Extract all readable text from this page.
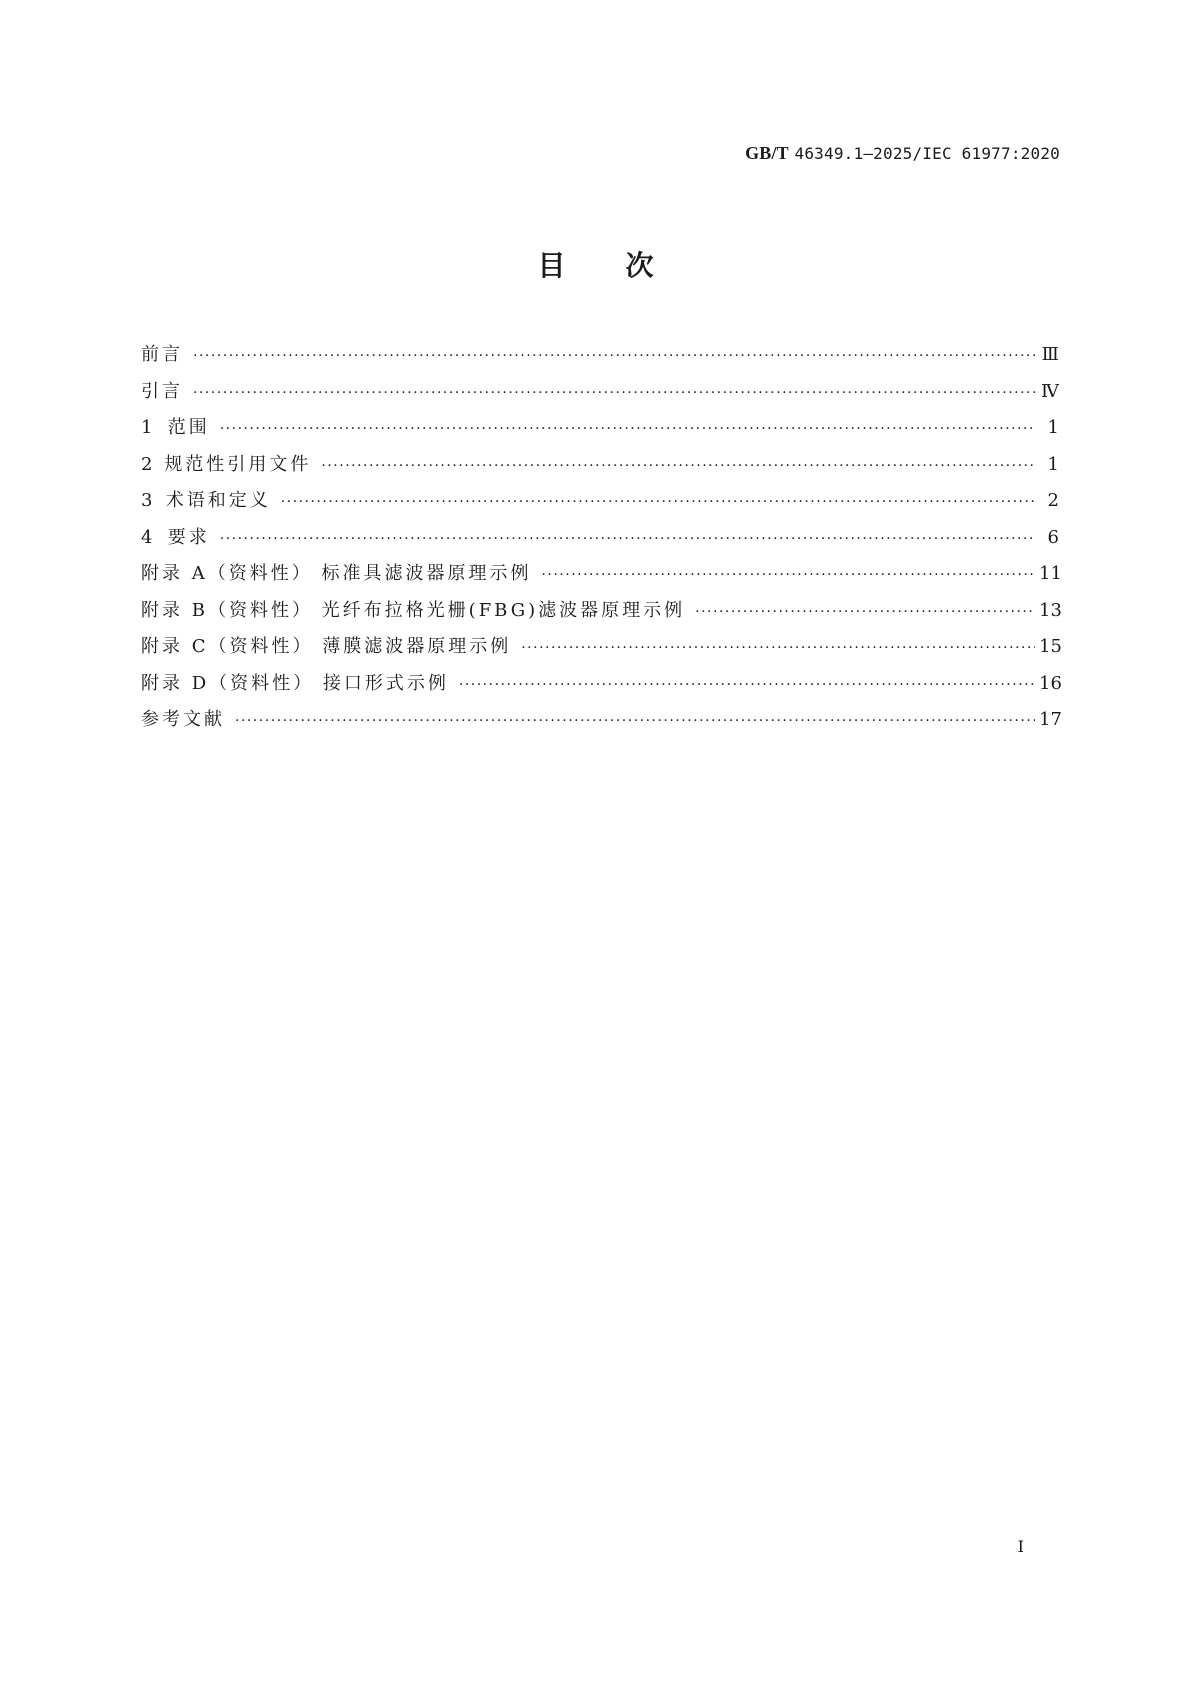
GB/T 46349.1—2025/IEC 61977:2020
目次
前言 ·····	Ⅲ
引言 ·····	Ⅳ
1 范围 ·····	1
2 规范性引用文件 ·····	1
3 术语和定义 ·····	2
4 要求 ·····	6
附录 A（资料性） 标准具滤波器原理示例 ·····	11
附录 B（资料性） 光纤布拉格光栅(FBG)滤波器原理示例 ·····	13
附录 C（资料性） 薄膜滤波器原理示例 ·····	15
附录 D（资料性） 接口形式示例 ·····	16
参考文献 ·····	17
Ⅰ
